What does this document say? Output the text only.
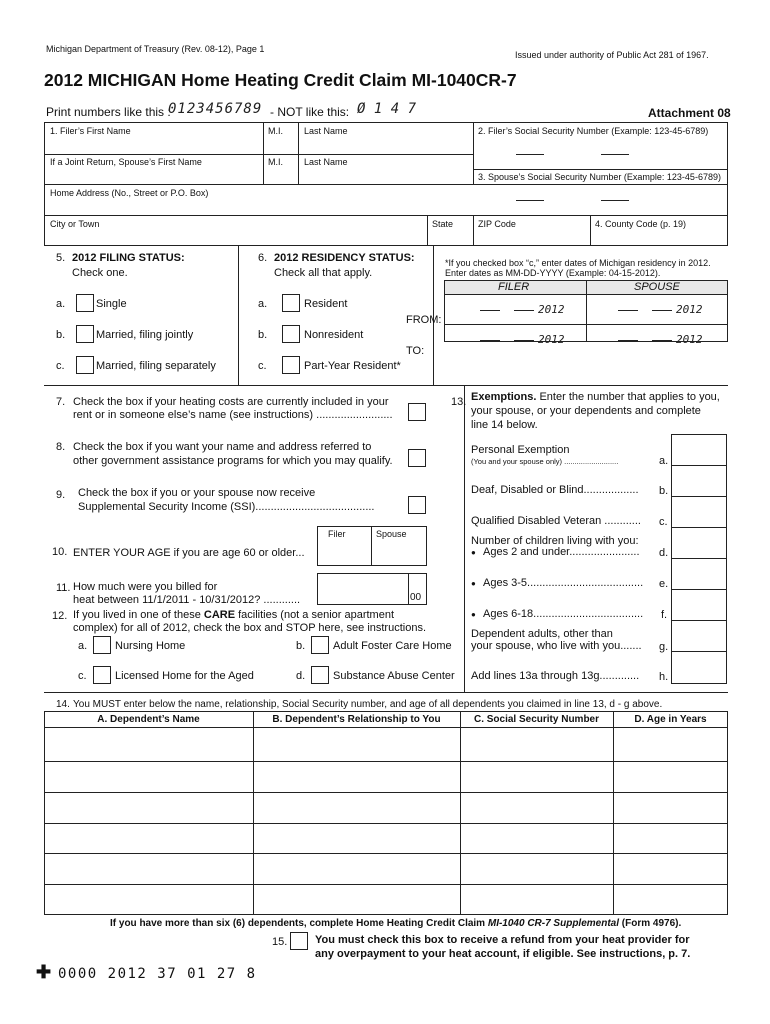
Michigan Department of Treasury (Rev. 08-12), Page 1
Issued under authority of Public Act 281 of 1967.
2012 MICHIGAN Home Heating Credit Claim MI-1040CR-7
Print numbers like this :
0123456789 - NOT like this: Ø 1 4 7	Attachment 08
1. Filer’s First Name	M.I. Last Name	2. Filer’s Social Security Number (Example: 123-45-6789)
If a Joint Return, Spouse’s First Name	M.I. Last Name
3. Spouse’s Social Security Number (Example: 123-45-6789)
Home Address (No., Street or P.O. Box)
City or Town	State	ZIP Code	4. County Code (p. 19)
5. 2012 FILING STATUS:
Check one.
a.	Single
b.	Married, filing jointly
c.	Married, filing separately
6. 2012 RESIDENCY STATUS:
Check all that apply.
a.	Resident
b.	Nonresident
c.	Part-Year Resident*
FROM:
TO:
*If you checked box “c,” enter dates of Michigan residency in 2012.
Enter dates as MM-DD-YYYY (Example: 04-15-2012).
FILER	SPOUSE
2012	2012
2012	2012
7. Check the box if your heating costs are currently included in your
rent or in someone else’s name (see instructions) .........................
8. Check the box if you want your name and address referred to
other government assistance programs for which you may qualify.
9. Check the box if you or your spouse now receive
Supplemental Security Income (SSI).......................................
Filer	Spouse
10. ENTER YOUR AGE if you are age 60 or older...
00
11. How much were you billed for
heat between 11/1/2011 - 10/31/2012? ............
12. If you lived in one of these CARE facilities (not a senior apartment
complex) for all of 2012, check the box and STOP here, see instructions.
a.	Nursing Home	b.	Adult Foster Care Home
c.	Licensed Home for the Aged	d.	Substance Abuse Center
13. Exemptions. Enter the number that applies to you,
your spouse, or your dependents and complete
line 14 below.
Personal Exemption
(You and your spouse only) ..........................	a.
Deaf, Disabled or Blind.................. b.
Qualified Disabled Veteran ............ c.
Number of children living with you:
● Ages 2 and under....................... d.
● Ages 3-5...................................... e.
● Ages 6-18.................................... f.
Dependent adults, other than
your spouse, who live with you....... g.
Add lines 13a through 13g............. h.
14. You MUST enter below the name, relationship, Social Security number, and age of all dependents you claimed in line 13, d - g above.
A. Dependent’s Name	B. Dependent’s Relationship to You	C. Social Security Number	D. Age in Years
If you have more than six (6) dependents, complete Home Heating Credit Claim MI-1040 CR-7 Supplemental (Form 4976).
15.	You must check this box to receive a refund from your heat provider for
any overpayment to your heat account, if eligible. See instructions, p. 7.
✚ 0000 2012 37 01 27 8
